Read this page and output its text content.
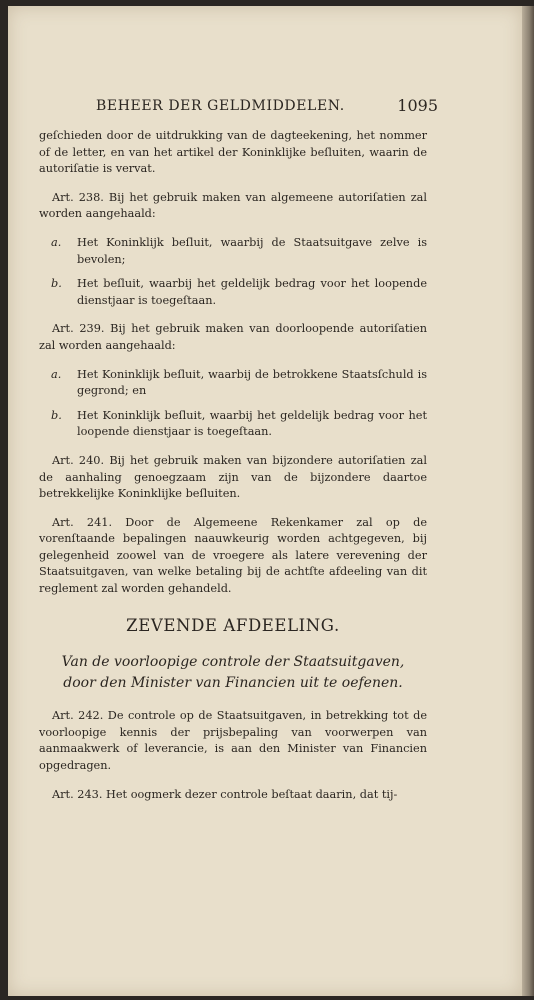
BEHEER DER GELDMIDDELEN.	1095

geſchieden door de uitdrukking van de dagteekening, het nommer of de letter, en van het artikel der Koninklijke beſluiten, waarin de autoriſatie is vervat.

Art. 238. Bij het gebruik maken van algemeene autoriſatien zal worden aangehaald:

a.	Het Koninklijk beſluit, waarbij de Staatsuitgave zelve is bevolen;
b.	Het beſluit, waarbij het geldelijk bedrag voor het loopende dienstjaar is toegeſtaan.

Art. 239. Bij het gebruik maken van doorloopende autoriſatien zal worden aangehaald:

a.	Het Koninklijk beſluit, waarbij de betrokkene Staatsſchuld is gegrond; en
b.	Het Koninklijk beſluit, waarbij het geldelijk bedrag voor het loopende dienstjaar is toegeſtaan.

Art. 240. Bij het gebruik maken van bijzondere autoriſatien zal de aanhaling genoegzaam zijn van de bijzondere daartoe betrekkelijke Koninklijke beſluiten.

Art. 241. Door de Algemeene Rekenkamer zal op de vorenſtaande bepalingen naauwkeurig worden achtgegeven, bij gelegenheid zoowel van de vroegere als latere verevening der Staatsuitgaven, van welke betaling bij de achtſte afdeeling van dit reglement zal worden gehandeld.

ZEVENDE AFDEELING.
Van de voorloopige controle der Staatsuitgaven, door den Minister van Financien uit te oefenen.

Art. 242. De controle op de Staatsuitgaven, in betrekking tot de voorloopige kennis der prijsbepaling van voorwerpen van aanmaakwerk of leverancie, is aan den Minister van Financien opgedragen.

Art. 243. Het oogmerk dezer controle beſtaat daarin, dat tij-
